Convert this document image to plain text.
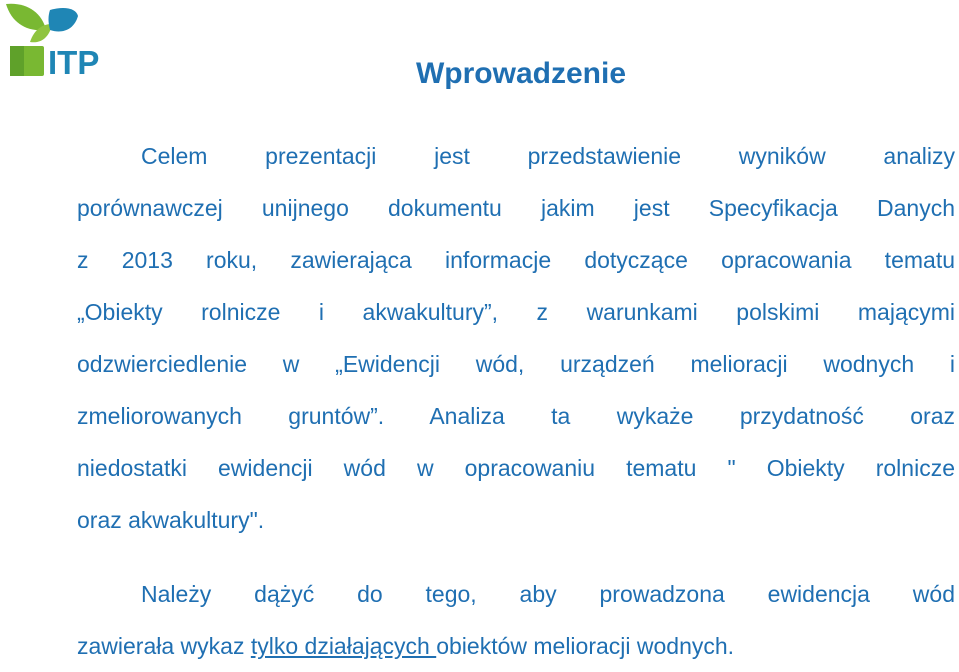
ITP	Wprowadzenie
Celem prezentacji jest przedstawienie wyników analizy
porównawczej unijnego dokumentu jakim jest Specyfikacja Danych
z 2013 roku, zawierająca informacje dotyczące opracowania tematu
„Obiekty rolnicze i akwakultury”, z warunkami polskimi mającymi
odzwierciedlenie w „Ewidencji wód, urządzeń melioracji wodnych i
zmeliorowanych gruntów”. Analiza ta wykaże przydatność oraz
niedostatki ewidencji wód w opracowaniu tematu " Obiekty rolnicze
oraz akwakultury".
Należy dążyć do tego, aby prowadzona ewidencja wód
zawierała wykaz tylko działających obiektów melioracji wodnych.
